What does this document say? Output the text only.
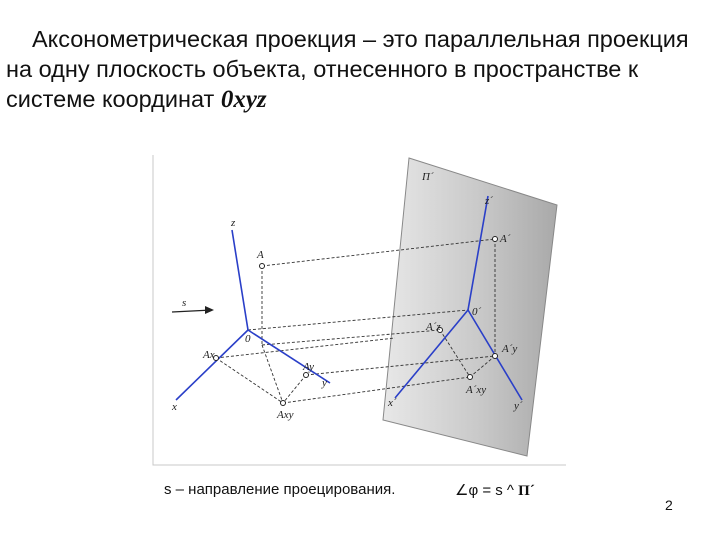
Аксонометрическая проекция – это параллельная проекция на одну плоскость объекта, отнесенного в пространстве к системе координат 0xyz
П´
z
z´
s
A
A´
0
0´
Ax
Ay
Axy
A´z
A´y
A´xy
x
y
x´	y´
s – направление проецирования.	∠φ = s ^ П´
2
